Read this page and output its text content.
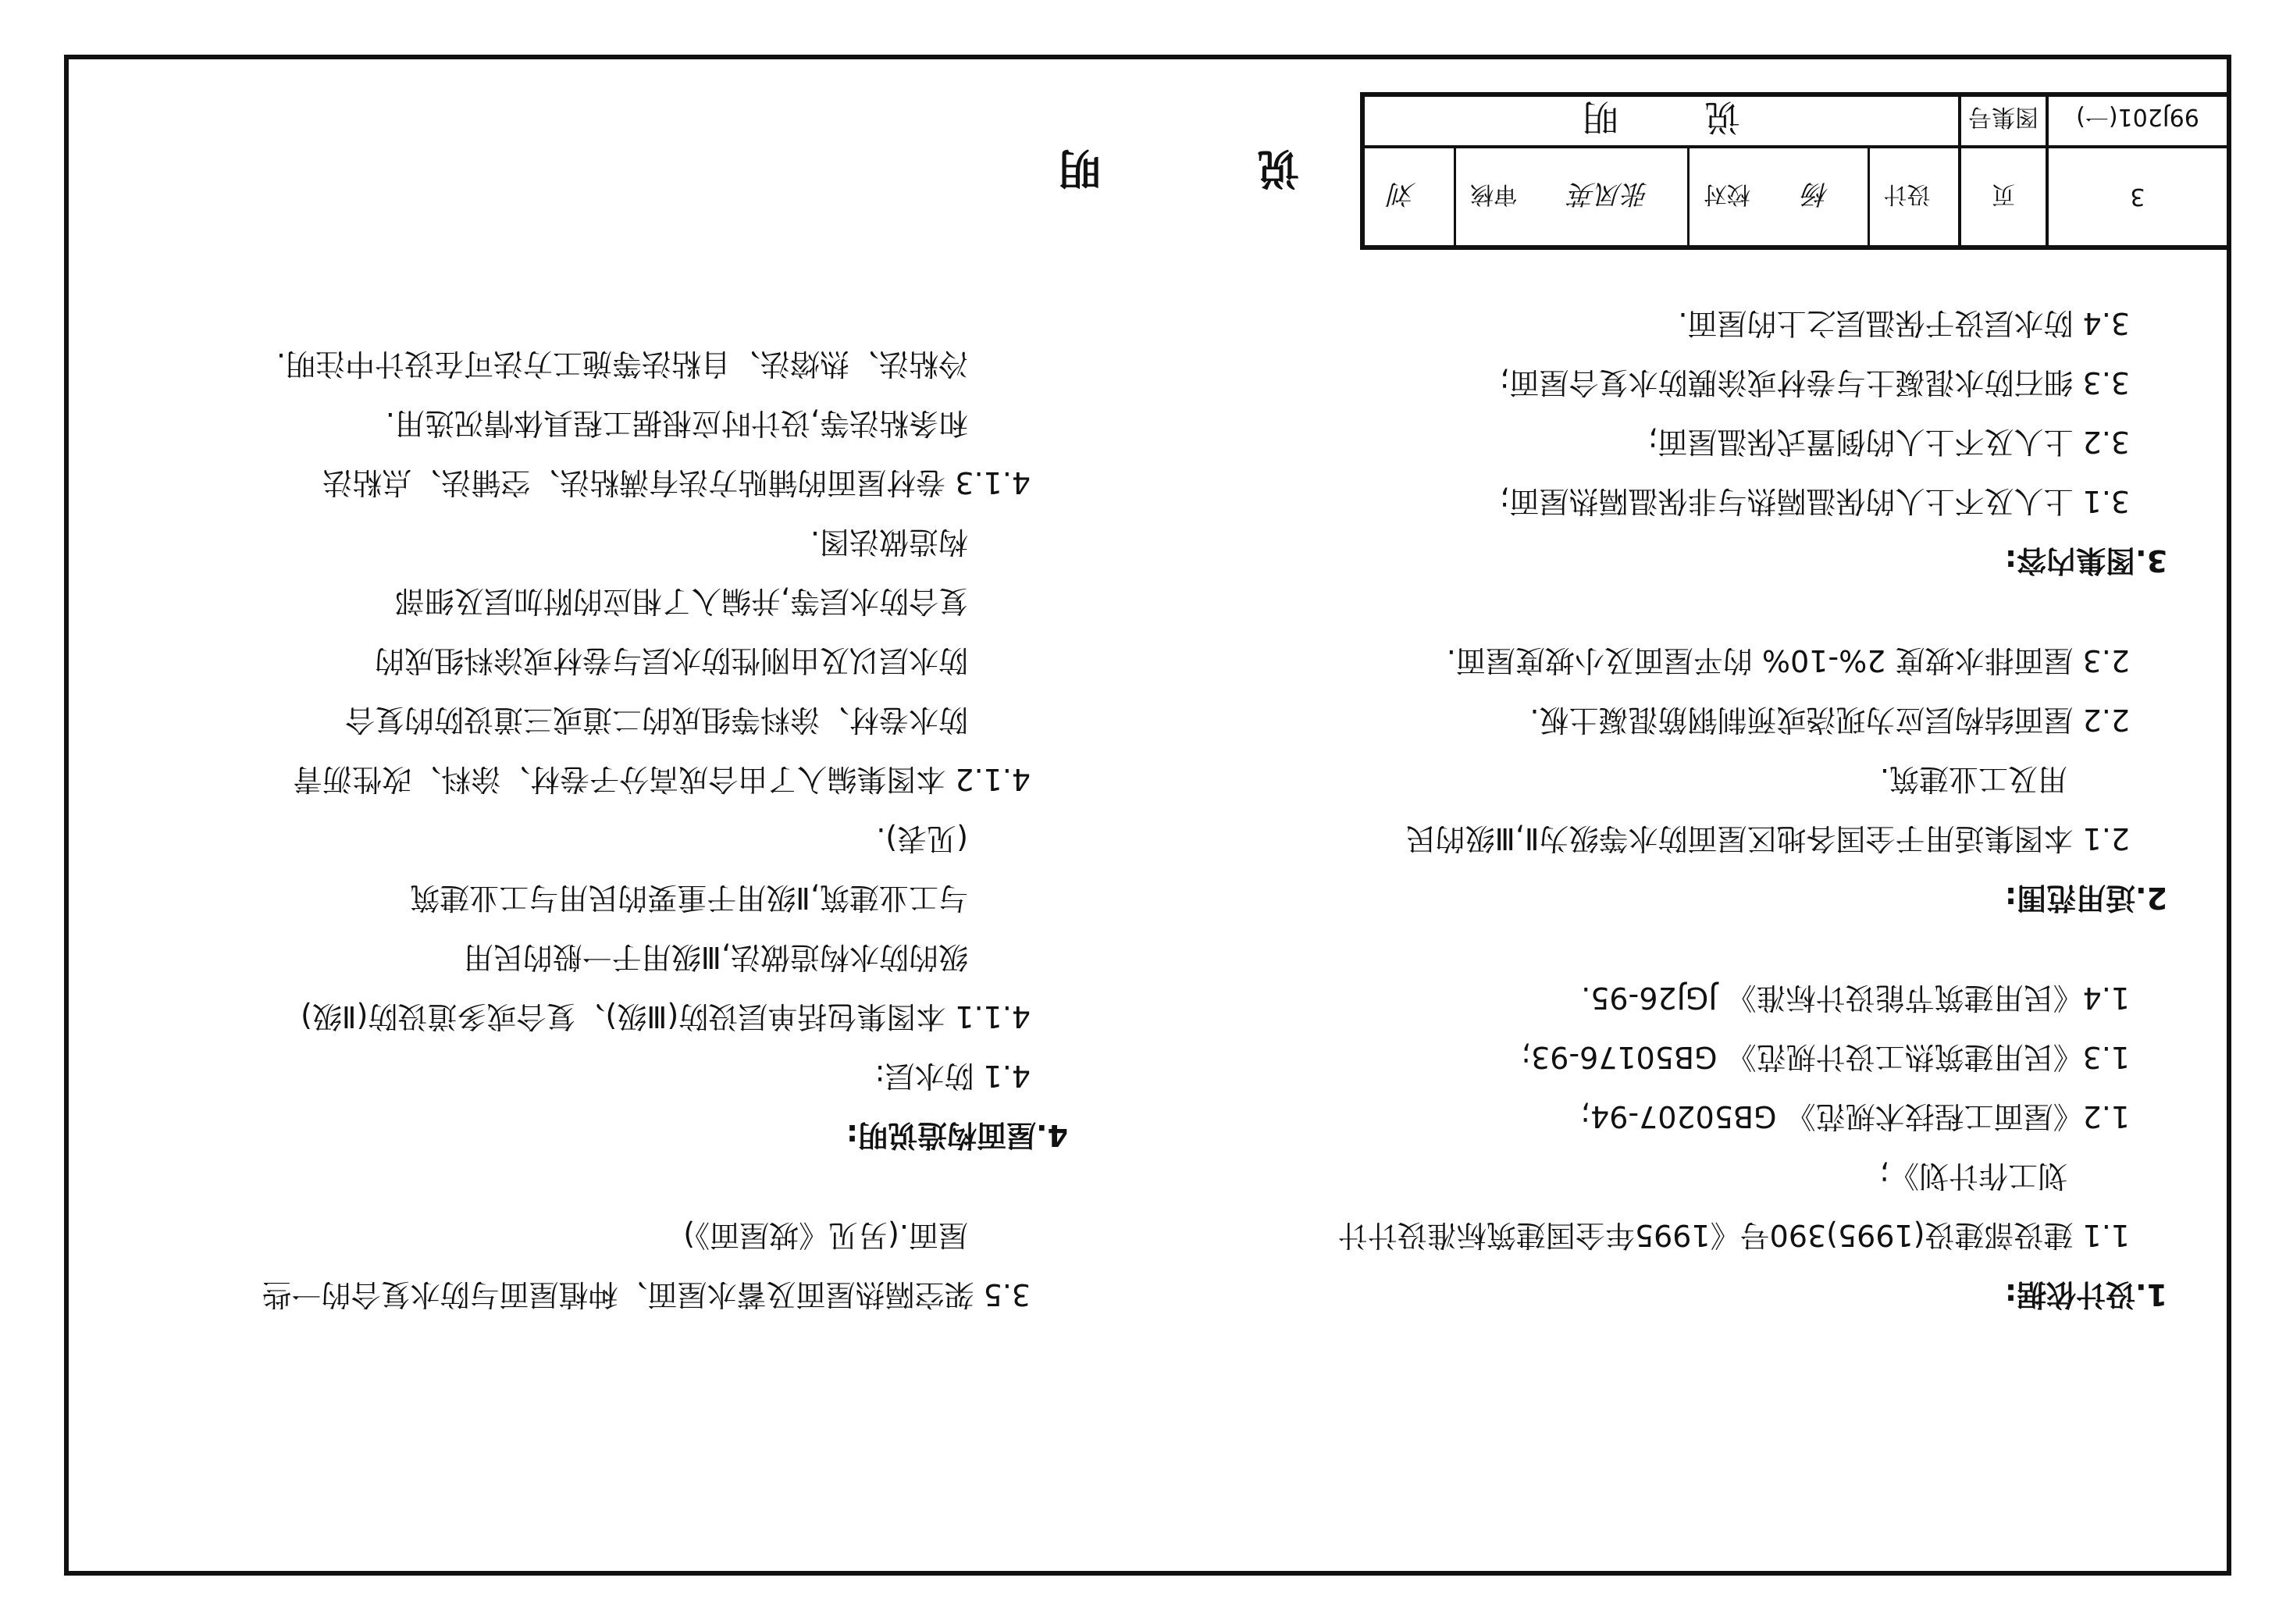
3
页
设计
杨
校对
张凤英
审核
刘
99J201(一)
图集号
说明
1.设计依据:
1.1 建设部建设(1995)390号《1995年全国建筑标准设计计
划工作计划》;
1.2《屋面工程技术规范》 GB50207-94;
1.3《民用建筑热工设计规范》 GB50176-93;
1.4《民用建筑节能设计标准》 JGJ26-95.
2.适用范围:
2.1 本图集适用于全国各地区屋面防水等级为Ⅱ,Ⅲ级的民
用及工业建筑.
2.2 屋面结构层应为现浇或预制钢筋混凝土板.
2.3 屋面排水坡度 2%-10% 的平屋面及小坡度屋面.
3.图集内容:
3.1 上人及不上人的保温隔热与非保温隔热屋面;
3.2 上人及不上人的倒置式保温屋面;
3.3 细石防水混凝土与卷材或涂膜防水复合屋面;
3.4 防水层设于保温层之上的屋面.
3.5 架空隔热屋面及蓄水屋面、种植屋面与防水复合的一些
屋面.(另见《坡屋面》)
4.屋面构造说明:
4.1 防水层:
4.1.1 本图集包括单层设防(Ⅲ级)、复合或多道设防(Ⅱ级)
级的防水构造做法,Ⅲ级用于一般的民用
与工业建筑,Ⅱ级用于重要的民用与工业建筑
(见表).
4.1.2 本图集编入了由合成高分子卷材、涂料、改性沥青
防水卷材、涂料等组成的二道或三道设防的复合
防水层以及由刚性防水层与卷材或涂料组成的
复合防水层等,并编入了相应的附加层及细部
构造做法图.
4.1.3 卷材屋面的铺贴方法有满粘法、空铺法、点粘法
和条粘法等,设计时应根据工程具体情况选用.
冷粘法、热熔法、自粘法等施工方法可在设计中注明.
说明
